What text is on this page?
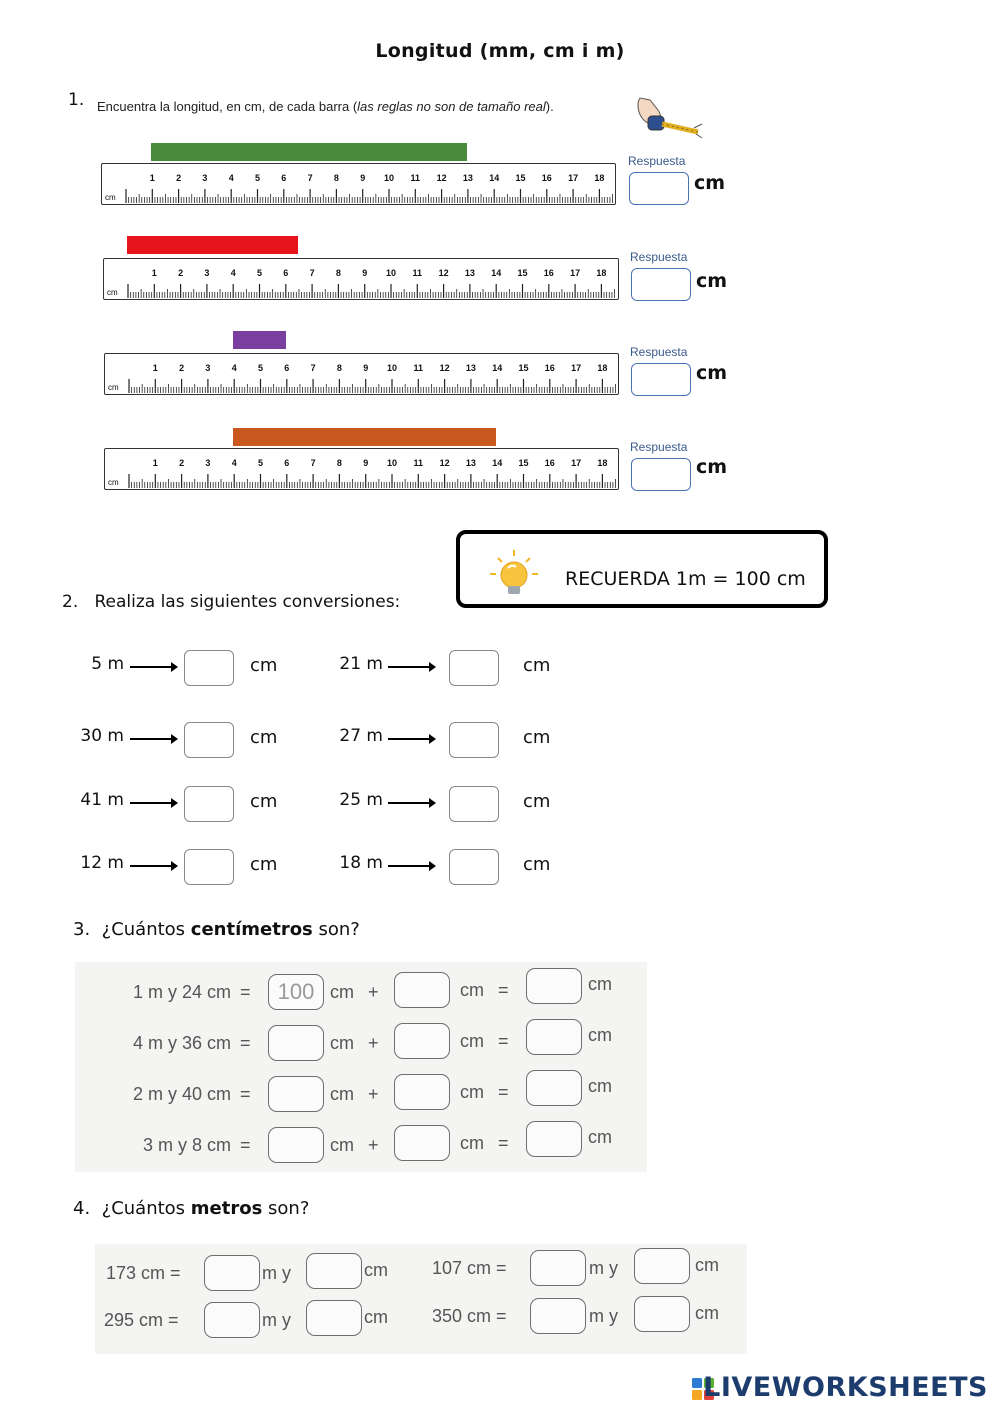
Longitud (mm, cm i m)
1. Encuentra la longitud, en cm, de cada barra (las reglas no son de tamaño real).
1 2 3 4 5 6 7 8 9 10 11 12 13 14 15 16 17 18
cm
Respuesta
cm
1 2 3 4 5 6 7 8 9 10 11 12 13 14 15 16 17 18
cm
Respuesta
cm
1 2 3 4 5 6 7 8 9 10 11 12 13 14 15 16 17 18
cm
Respuesta
cm
1 2 3 4 5 6 7 8 9 10 11 12 13 14 15 16 17 18
cm
Respuesta
cm
RECUERDA 1m = 100 cm
2. Realiza las siguientes conversiones:
5 m	cm	21 m	cm
30 m	cm	27 m	cm
41 m	cm	25 m	cm
12 m	cm	18 m	cm
3. ¿Cuántos centímetros son?
1 m y 24 cm =	100 cm +	cm =	cm
4 m y 36 cm =	cm +	cm =	cm
2 m y 40 cm =	cm +	cm =	cm
3 m y 8 cm =	cm +	cm =	cm
4. ¿Cuántos metros son?
173 cm =	m y	cm 107 cm =	m y	cm
295 cm =	m y	cm 350 cm =	m y	cm
LIVEWORKSHEETS
